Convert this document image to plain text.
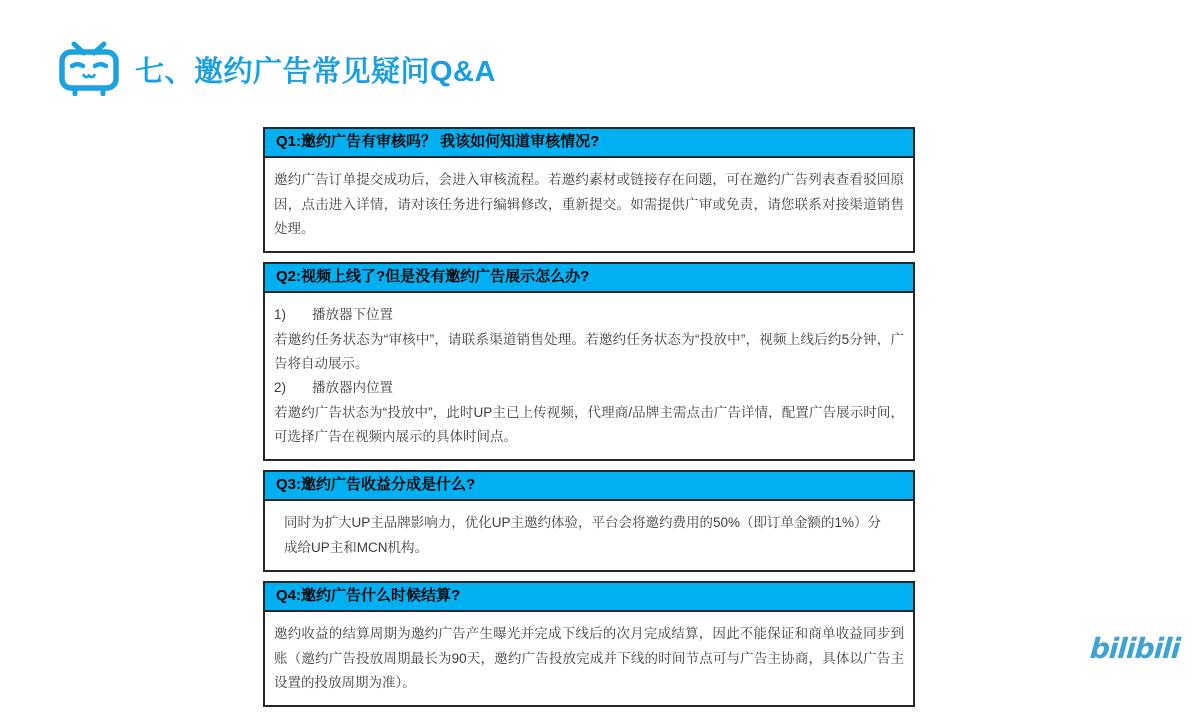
七、邀约广告常见疑问Q&A
Q1:邀约广告有审核吗？ 我该如何知道审核情况?
邀约广告订单提交成功后，会进入审核流程。若邀约素材或链接存在问题，可在邀约广告列表查看驳回原因，点击进入详情，请对该任务进行编辑修改，重新提交。如需提供广审或免责，请您联系对接渠道销售处理。
Q2:视频上线了?但是没有邀约广告展示怎么办?
1)	播放器下位置
若邀约任务状态为“审核中”，请联系渠道销售处理。若邀约任务状态为“投放中”，视频上线后约5分钟，广告将自动展示。
2)	播放器内位置
若邀约广告状态为“投放中”，此时UP主已上传视频，代理商/品牌主需点击广告详情，配置广告展示时间，可选择广告在视频内展示的具体时间点。
Q3:邀约广告收益分成是什么?
同时为扩大UP主品牌影响力，优化UP主邀约体验，平台会将邀约费用的50%（即订单金额的1%）分成给UP主和MCN机构。
Q4:邀约广告什么时候结算?
邀约收益的结算周期为邀约广告产生曝光并完成下线后的次月完成结算，因此不能保证和商单收益同步到账（邀约广告投放周期最长为90天，邀约广告投放完成并下线的时间节点可与广告主协商，具体以广告主设置的投放周期为准）。
bilibili
